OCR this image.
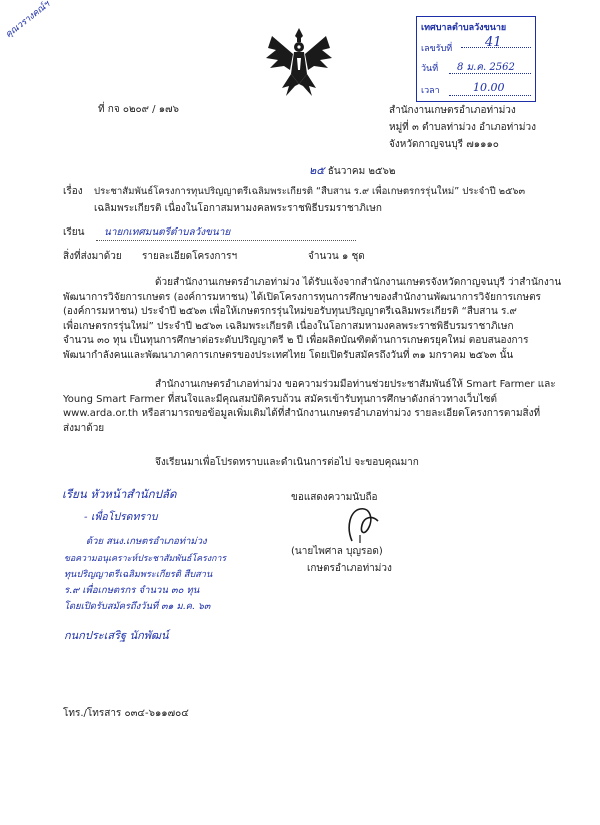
คุณวรางคณ์ฯ	เทศบาลตำบลวังขนาย
เลขรับที่	41
วันที่ 8 ม.ค. 2562
เวลา	10.00
ที่ กจ ๐๒๐๙ / ๑๗๖	สำนักงานเกษตรอำเภอท่าม่วง
หมู่ที่ ๓ ตำบลท่าม่วง อำเภอท่าม่วง
จังหวัดกาญจนบุรี ๗๑๑๑๐
๒๕ ธันวาคม ๒๕๖๒
เรื่อง ประชาสัมพันธ์โครงการทุนปริญญาตรีเฉลิมพระเกียรติ “สืบสาน ร.๙ เพื่อเกษตรกรรุ่นใหม่” ประจำปี ๒๕๖๓
เฉลิมพระเกียรติ เนื่องในโอกาสมหามงคลพระราชพิธีบรมราชาภิเษก
เรียน นายกเทศมนตรีตำบลวังขนาย
สิ่งที่ส่งมาด้วย รายละเอียดโครงการฯ	จำนวน ๑ ชุด
ด้วยสำนักงานเกษตรอำเภอท่าม่วง ได้รับแจ้งจากสำนักงานเกษตรจังหวัดกาญจนบุรี ว่าสำนักงาน
พัฒนาการวิจัยการเกษตร (องค์การมหาชน) ได้เปิดโครงการทุนการศึกษาของสำนักงานพัฒนาการวิจัยการเกษตร
(องค์การมหาชน) ประจำปี ๒๕๖๓ เพื่อให้เกษตรกรรุ่นใหม่ขอรับทุนปริญญาตรีเฉลิมพระเกียรติ “สืบสาน ร.๙
เพื่อเกษตรกรรุ่นใหม่” ประจำปี ๒๕๖๓ เฉลิมพระเกียรติ เนื่องในโอกาสมหามงคลพระราชพิธีบรมราชาภิเษก
จำนวน ๓๐ ทุน เป็นทุนการศึกษาต่อระดับปริญญาตรี ๒ ปี เพื่อผลิตบัณฑิตด้านการเกษตรยุคใหม่ ตอบสนองการ
พัฒนากำลังคนและพัฒนาภาคการเกษตรของประเทศไทย โดยเปิดรับสมัครถึงวันที่ ๓๑ มกราคม ๒๕๖๓ นั้น
สำนักงานเกษตรอำเภอท่าม่วง ขอความร่วมมือท่านช่วยประชาสัมพันธ์ให้ Smart Farmer และ
Young Smart Farmer ที่สนใจและมีคุณสมบัติครบถ้วน สมัครเข้ารับทุนการศึกษาดังกล่าวทางเว็บไซต์
www.arda.or.th หรือสามารถขอข้อมูลเพิ่มเติมได้ที่สำนักงานเกษตรอำเภอท่าม่วง รายละเอียดโครงการตามสิ่งที่
ส่งมาด้วย
จึงเรียนมาเพื่อโปรดทราบและดำเนินการต่อไป จะขอบคุณมาก
ขอแสดงความนับถือ
(นายไพศาล บุญรอด)
เกษตรอำเภอท่าม่วง
เรียน หัวหน้าสำนักปลัด
- เพื่อโปรดทราบ
ด้วย สนง.เกษตรอำเภอท่าม่วง
ขอความอนุเคราะห์ประชาสัมพันธ์โครงการ
ทุนปริญญาตรีเฉลิมพระเกียรติ สืบสาน
ร.๙ เพื่อเกษตรกร จำนวน ๓๐ ทุน
โดยเปิดรับสมัครถึงวันที่ ๓๑ ม.ค. ๖๓
กนกประเสริฐ นักพัฒน์
โทร./โทรสาร ๐๓๔-๖๑๑๗๐๔
